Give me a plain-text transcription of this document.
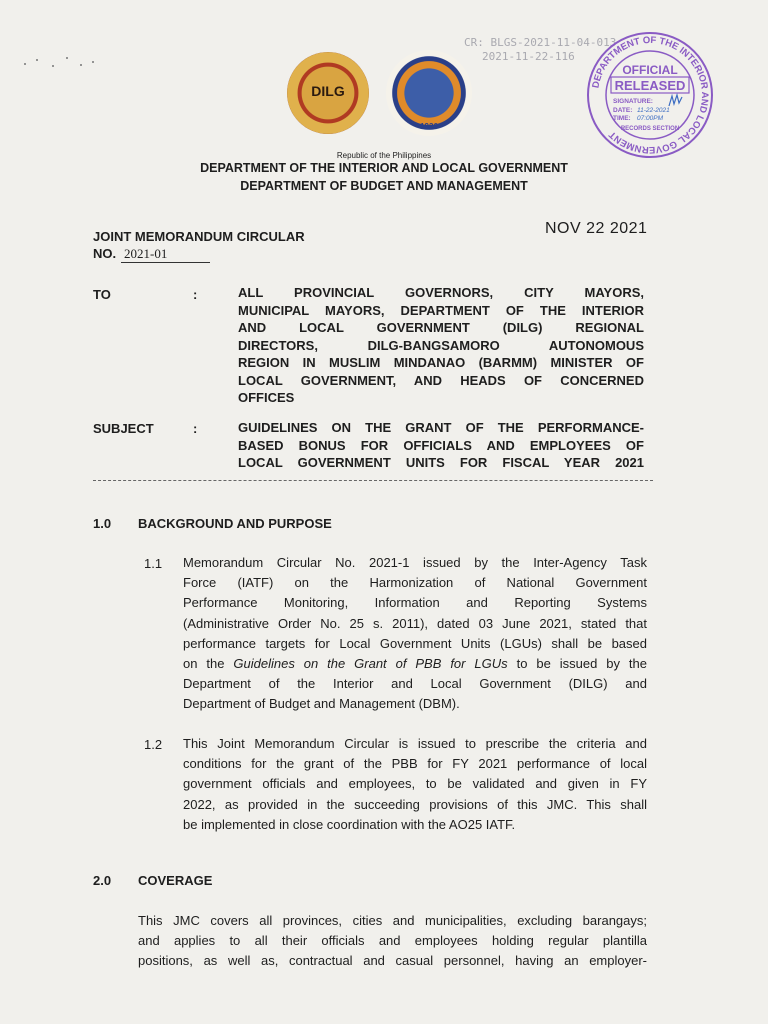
CR: BLGS-2021-11-04-013
2021-11-22-116
DILG
1936
DEPARTMENT OF THE INTERIOR AND LOCAL GOVERNMENT
OFFICIAL
RELEASED
SIGNATURE:
DATE: 11-22-2021
TIME: 07:00PM
RECORDS SECTION
Republic of the Philippines
DEPARTMENT OF THE INTERIOR AND LOCAL GOVERNMENT
DEPARTMENT OF BUDGET AND MANAGEMENT
JOINT MEMORANDUM CIRCULAR
NO. 2021-01
NOV 22 2021
TO	:	ALL PROVINCIAL GOVERNORS, CITY MAYORS,
MUNICIPAL MAYORS, DEPARTMENT OF THE INTERIOR
AND LOCAL GOVERNMENT (DILG) REGIONAL
DIRECTORS, DILG-BANGSAMORO AUTONOMOUS
REGION IN MUSLIM MINDANAO (BARMM) MINISTER OF
LOCAL GOVERNMENT, AND HEADS OF CONCERNED
OFFICES
SUBJECT	:	GUIDELINES ON THE GRANT OF THE PERFORMANCE-
BASED BONUS FOR OFFICIALS AND EMPLOYEES OF
LOCAL GOVERNMENT UNITS FOR FISCAL YEAR 2021
1.0 BACKGROUND AND PURPOSE
1.1 Memorandum Circular No. 2021-1 issued by the Inter-Agency Task
Force (IATF) on the Harmonization of National Government
Performance Monitoring, Information and Reporting Systems
(Administrative Order No. 25 s. 2011), dated 03 June 2021, stated that
performance targets for Local Government Units (LGUs) shall be based
on the Guidelines on the Grant of PBB for LGUs to be issued by the
Department of the Interior and Local Government (DILG) and
Department of Budget and Management (DBM).
1.2 This Joint Memorandum Circular is issued to prescribe the criteria and
conditions for the grant of the PBB for FY 2021 performance of local
government officials and employees, to be validated and given in FY
2022, as provided in the succeeding provisions of this JMC. This shall
be implemented in close coordination with the AO25 IATF.
2.0 COVERAGE
This JMC covers all provinces, cities and municipalities, excluding barangays;
and applies to all their officials and employees holding regular plantilla
positions, as well as, contractual and casual personnel, having an employer-
